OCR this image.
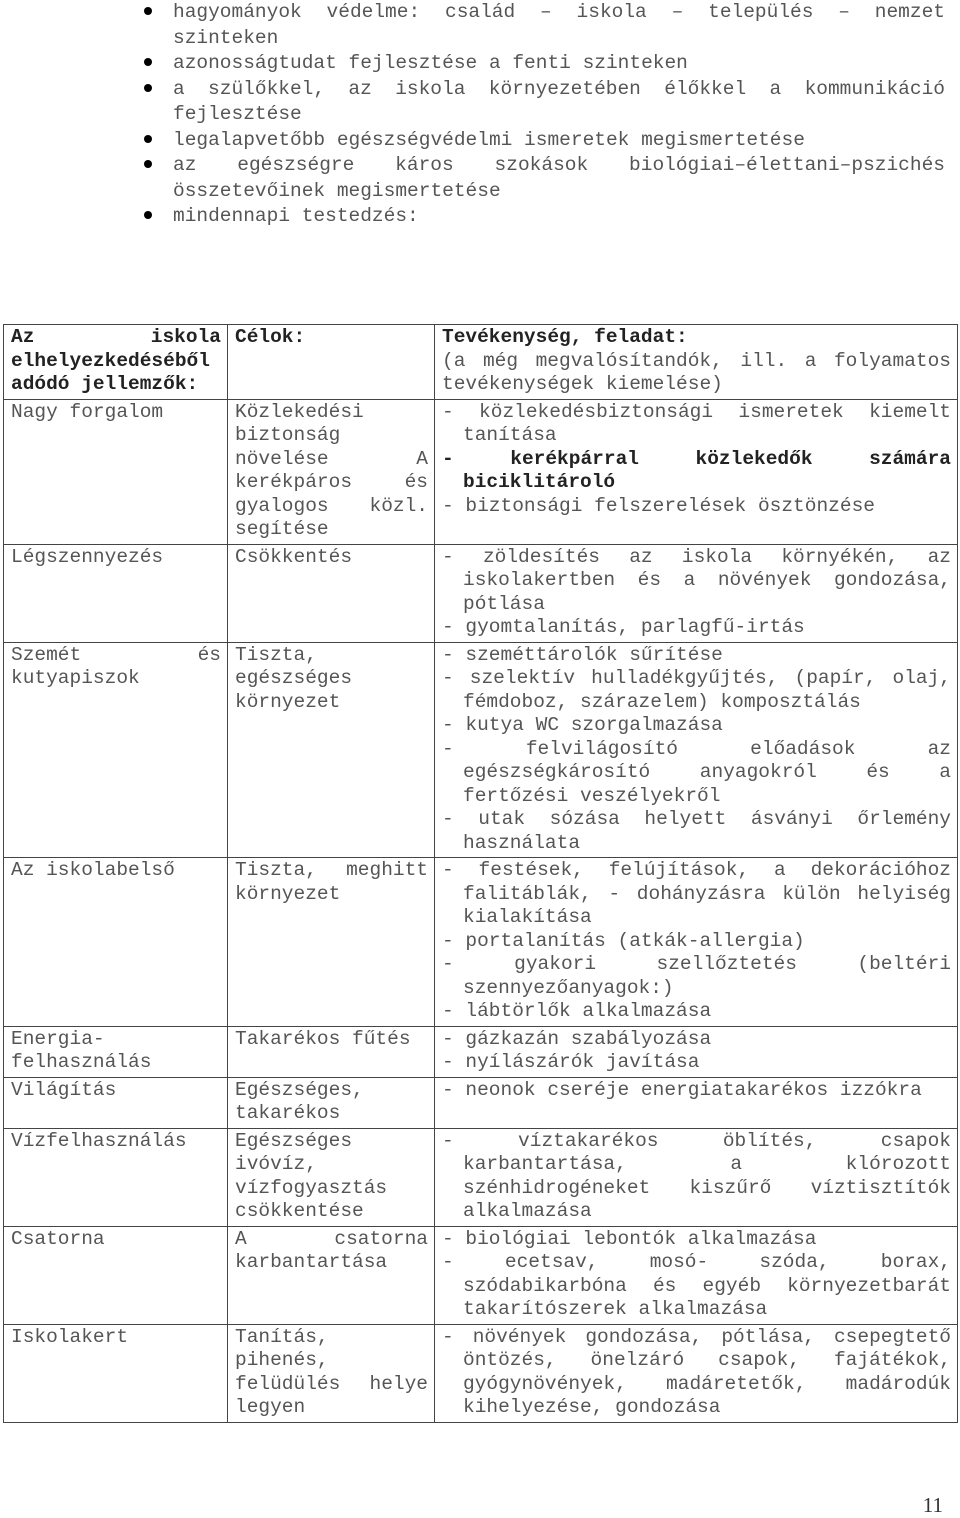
hagyományok védelme: család – iskola – település – nemzet szinteken
azonosságtudat fejlesztése a fenti szinteken
a szülőkkel, az iskola környezetében élőkkel a kommunikáció fejlesztése
legalapvetőbb egészségvédelmi ismeretek megismertetése
az egészségre káros szokások biológiai–élettani–pszichés összetevőinek megismertetése
mindennapi testedzés:
Az iskola elhelyezkedéséből adódó jellemzők:	Célok:	Tevékenység, feladat:
(a még megvalósítandók, ill. a folyamatos tevékenységek kiemelése)

Nagy forgalom	Közlekedési biztonság növelése A kerékpáros és gyalogos közl. segítése	- közlekedésbiztonsági ismeretek kiemelt tanítása
- kerékpárral közlekedők számára biciklitároló
- biztonsági felszerelések ösztönzése

Légszennyezés	Csökkentés	- zöldesítés az iskola környékén, az iskolakertben és a növények gondozása, pótlása
- gyomtalanítás, parlagfű-irtás

Szemét és kutyapiszok	Tiszta, egészséges környezet	- szeméttárolók sűrítése
- szelektív hulladékgyűjtés, (papír, olaj, fémdoboz, szárazelem) komposztálás
- kutya WC szorgalmazása
- felvilágosító előadások az egészségkárosító anyagokról és a fertőzési veszélyekről
- utak sózása helyett ásványi őrlemény használata

Az iskolabelső	Tiszta, meghitt környezet	- festések, felújítások, a dekorációhoz falitáblák, - dohányzásra külön helyiség kialakítása
- portalanítás (atkák-allergia)
- gyakori szellőztetés (beltéri szennyezőanyagok:)
- lábtörlők alkalmazása

Energia-felhasználás	Takarékos fűtés	- gázkazán szabályozása
- nyílászárók javítása

Világítás	Egészséges, takarékos	- neonok cseréje energiatakarékos izzókra

Vízfelhasználás	Egészséges ivóvíz, vízfogyasztás csökkentése	- víztakarékos öblítés, csapok karbantartása, a klórozott szénhidrogéneket kiszűrő víztisztítók alkalmazása

Csatorna	A csatorna karbantartása	- biológiai lebontók alkalmazása
- ecetsav, mosó- szóda, borax, szódabikarbóna és egyéb környezetbarát takarítószerek alkalmazása

Iskolakert	Tanítás, pihenés, felüdülés helye legyen	- növények gondozása, pótlása, csepegtető öntözés, önelzáró csapok, fajátékok, gyógynövények, madáretetők, madárodúk kihelyezése, gondozása
11
